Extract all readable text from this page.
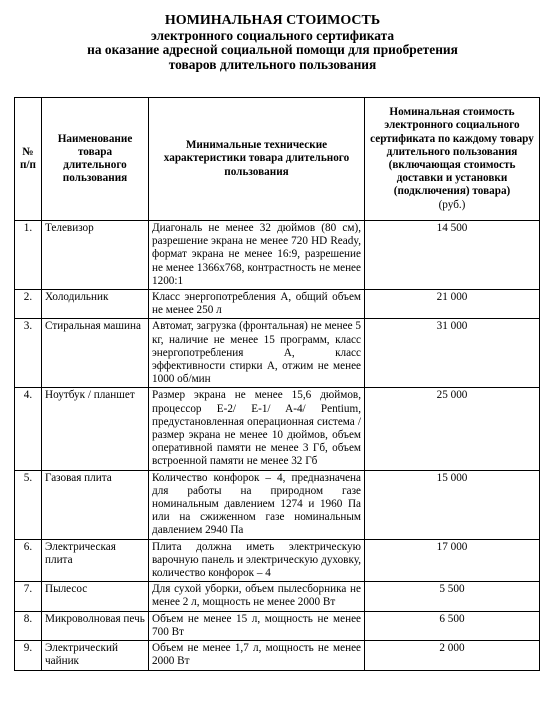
НОМИНАЛЬНАЯ СТОИМОСТЬ
электронного социального сертификата
на оказание адресной социальной помощи для приобретения
товаров длительного пользования
№ п/п	Наименование товара длительного пользования	Минимальные технические характеристики товара длительного пользования	Номинальная стоимость электронного социального сертификата по каждому товару длительного пользования (включающая стоимость доставки и установки (подключения) товара)
(руб.)
1.	Телевизор	Диагональ не менее 32 дюймов (80 см), разрешение экрана не менее 720 HD Ready, формат экрана не менее 16:9, разрешение не менее 1366х768, контрастность не менее 1200:1	14 500
2.	Холодильник	Класс энергопотребления А, общий объем не менее 250 л	21 000
3.	Стиральная машина	Автомат, загрузка (фронтальная) не менее 5 кг, наличие не менее 15 программ, класс энергопотребления А, класс эффективности стирки А, отжим не менее 1000 об/мин	31 000
4.	Ноутбук / планшет	Размер экрана не менее 15,6 дюймов, процессор E-2/ E-1/ A-4/ Pentium, предустановленная операционная система / размер экрана не менее 10 дюймов, объем оперативной памяти не менее 3 Гб, объем встроенной памяти не менее 32 Гб	25 000
5.	Газовая плита	Количество конфорок – 4, предназначена для работы на природном газе номинальным давлением 1274 и 1960 Па или на сжиженном газе номинальным давлением 2940 Па	15 000
6.	Электрическая плита	Плита должна иметь электрическую варочную панель и электрическую духовку, количество конфорок – 4	17 000
7.	Пылесос	Для сухой уборки, объем пылесборника не менее 2 л, мощность не менее 2000 Вт	5 500
8.	Микроволновая печь	Объем не менее 15 л, мощность не менее 700 Вт	6 500
9.	Электрический чайник	Объем не менее 1,7 л, мощность не менее 2000 Вт	2 000
